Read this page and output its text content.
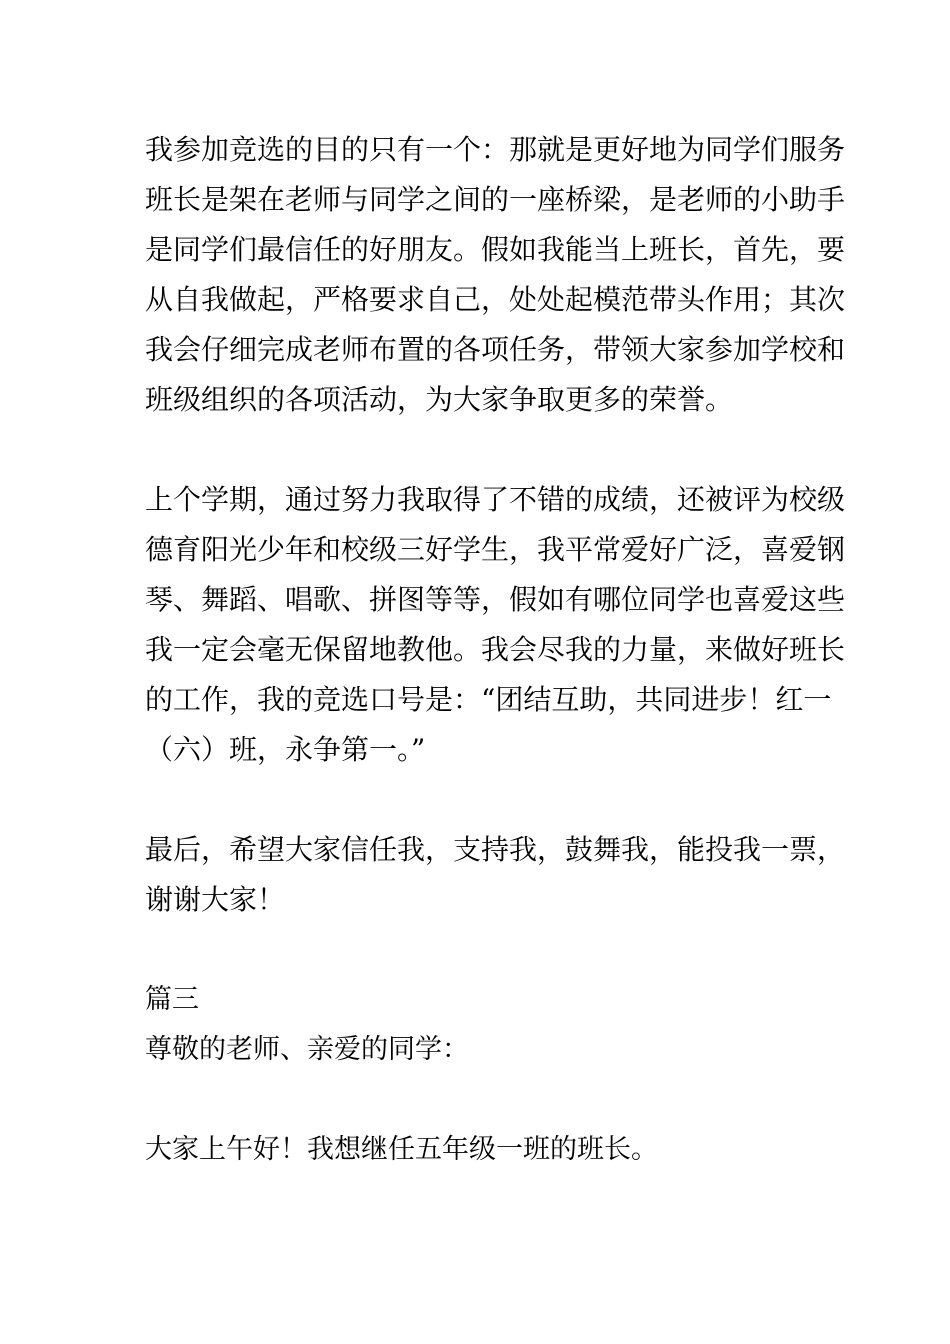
我参加竞选的目的只有一个：那就是更好地为同学们服务
班长是架在老师与同学之间的一座桥梁，是老师的小助手
是同学们最信任的好朋友。假如我能当上班长，首先，要
从自我做起，严格要求自己，处处起模范带头作用；其次
我会仔细完成老师布置的各项任务，带领大家参加学校和
班级组织的各项活动，为大家争取更多的荣誉。
上个学期，通过努力我取得了不错的成绩，还被评为校级
德育阳光少年和校级三好学生，我平常爱好广泛，喜爱钢
琴、舞蹈、唱歌、拼图等等，假如有哪位同学也喜爱这些
我一定会毫无保留地教他。我会尽我的力量，来做好班长
的工作，我的竞选口号是：“团结互助，共同进步！红一
（六）班，永争第一。”
最后，希望大家信任我，支持我，鼓舞我，能投我一票，
谢谢大家！
篇三
尊敬的老师、亲爱的同学：
大家上午好！我想继任五年级一班的班长。
